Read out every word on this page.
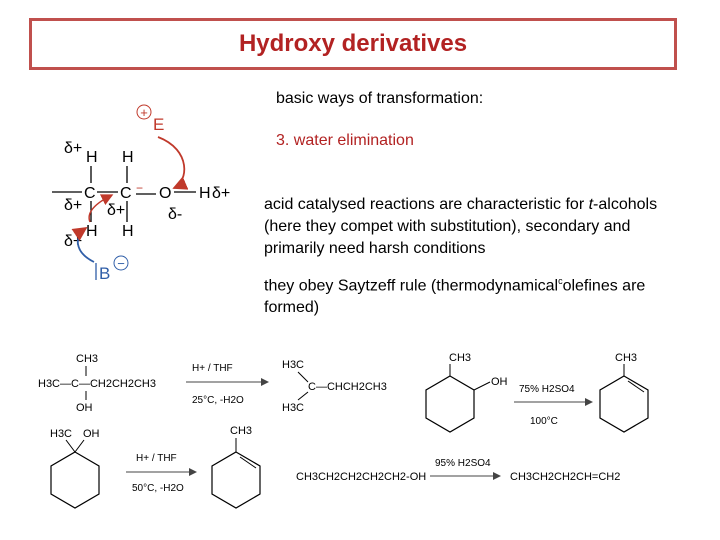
Hydroxy derivatives
basic ways of transformation:
3. water elimination
acid catalysed reactions are characteristic for t-alcohols
(here they compet with substitution), secondary and
primarily need harsh conditions
they obey Saytzeff rule (thermodynamical$^c$olefines are
formed)
+
E
δ+
H H
C C − O H δ+
δ+ δ+	δ-
H H
δ+
B
−
CH3
H3C—C—CH2CH2CH3
OH
H+ / THF
25°C, -H2O
H3C
C—CHCH2CH3
H3C
CH3
OH
75% H2SO4
100°C
CH3
H3C OH
H+ / THF
50°C, -H2O
CH3
CH3CH2CH2CH2CH2-OH
95% H2SO4
CH3CH2CH2CH=CH2
